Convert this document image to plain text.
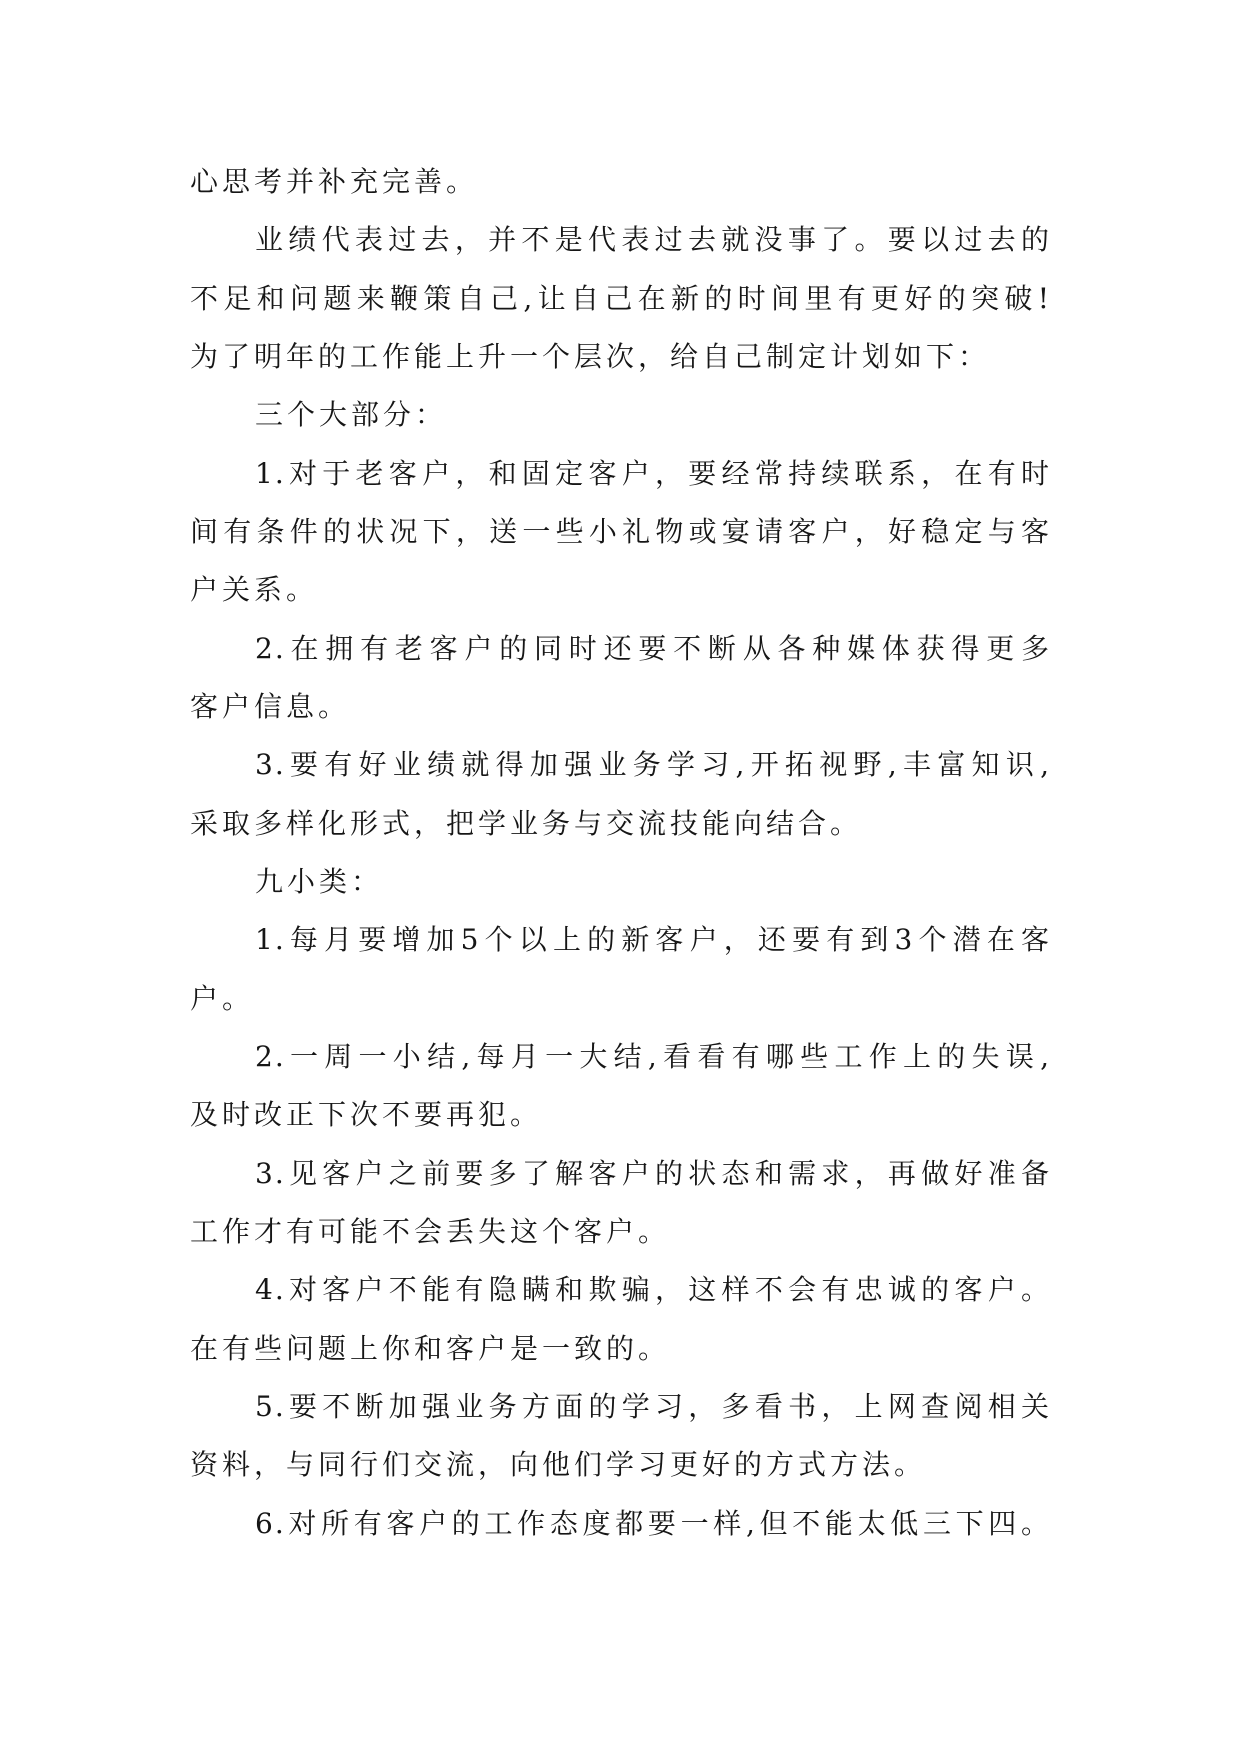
心思考并补充完善。
业绩代表过去，并不是代表过去就没事了。要以过去的
不足和问题来鞭策自己,让自己在新的时间里有更好的突破!
为了明年的工作能上升一个层次，给自己制定计划如下：
三个大部分：
1.对于老客户，和固定客户，要经常持续联系，在有时
间有条件的状况下，送一些小礼物或宴请客户，好稳定与客
户关系。
2.在拥有老客户的同时还要不断从各种媒体获得更多
客户信息。
3.要有好业绩就得加强业务学习,开拓视野,丰富知识,
采取多样化形式，把学业务与交流技能向结合。
九小类：
1.每月要增加5个以上的新客户，还要有到3个潜在客
户。
2.一周一小结,每月一大结,看看有哪些工作上的失误,
及时改正下次不要再犯。
3.见客户之前要多了解客户的状态和需求，再做好准备
工作才有可能不会丢失这个客户。
4.对客户不能有隐瞒和欺骗，这样不会有忠诚的客户。
在有些问题上你和客户是一致的。
5.要不断加强业务方面的学习，多看书，上网查阅相关
资料，与同行们交流，向他们学习更好的方式方法。
6.对所有客户的工作态度都要一样,但不能太低三下四。
